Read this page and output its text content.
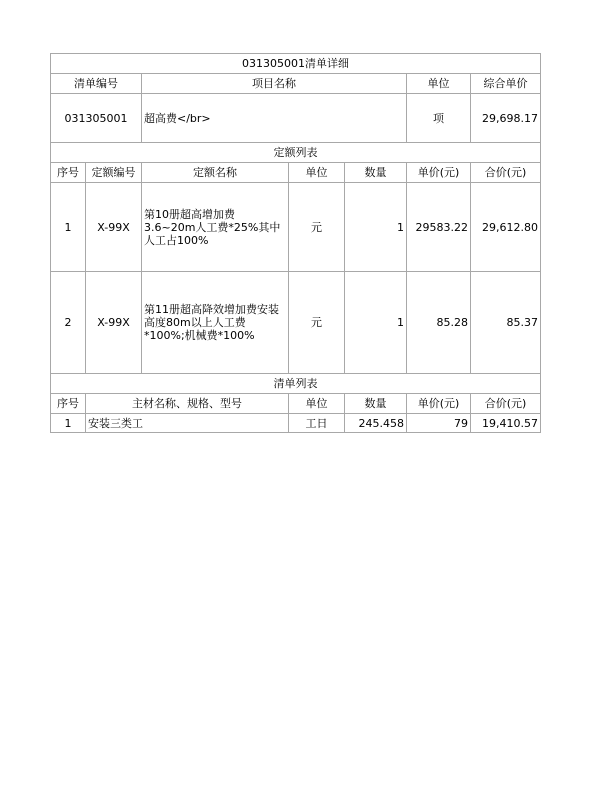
031305001清单详细						
清单编号		项目名称			单位	综合单价
031305001		超高费</br>			项	29,698.17
定额列表						
序号	定额编号	定额名称	单位	数量	单价(元)	合价(元)
1	X-99X	第10册超高增加费3.6~20m人工费*25%其中人工占100%	元	1	29583.22	29,612.80
2	X-99X	第11册超高降效增加费安装高度80m以上人工费*100%;机械费*100%	元	1	85.28	85.37
清单列表						
序号	主材名称、规格、型号		单位	数量	单价(元)	合价(元)
1	安装三类工		工日	245.458	79	19,410.57
